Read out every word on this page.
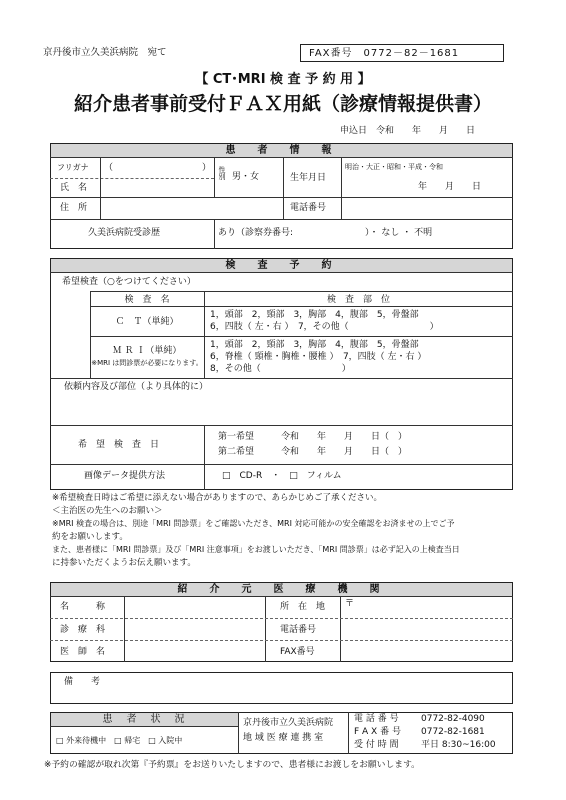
京丹後市立久美浜病院　宛て	FAX番号　0772－82－1681
【 CT･MRI 検 査 予 約 用 】
紹介患者事前受付ＦＡＸ用紙（診療情報提供書）
申込日　令和　　年　　月　　日
患　者　情　報
フリガナ （	）
氏　名
性別 男・女	生年月日
明治・大正・昭和・平成・令和
年　　月　　日
住　所	電話番号
久美浜病院受診歴	あり（診察券番号:　　　　　　　　）・ なし ・ 不明
検　査　予　約
希望検査（○をつけてください）
検　査　名	検　査　部　位
Ｃ　Ｔ（単純）
1，頭部　2，頸部　3，胸部　4，腹部　5，骨盤部
6，四肢（ 左・右 ）　7，その他（　　　　　　　　　）
Ｍ Ｒ Ｉ（単純）
※MRI は問診票が必要になります。
1，頭部　2，頸部　3，胸部　4，腹部　5，骨盤部
6，脊椎（ 頸椎・胸椎・腰椎 ）　7，四肢（ 左・右 ）
8，その他（　　　　　　　　　）
依頼内容及び部位（より具体的に）
希　望　検　査　日
第一希望　　　令和　　年　　月　　日（　）
第二希望　　　令和　　年　　月　　日（　）
画像データ提供方法	□　CD-R　・　□　フィルム
※希望検査日時はご希望に添えない場合がありますので、あらかじめご了承ください。
＜主治医の先生へのお願い＞
※MRI 検査の場合は、別途「MRI 問診票」をご確認いただき、MRI 対応可能かの安全確認をお済ませの上でご予
約をお願いします。
また、患者様に「MRI 問診票」及び「MRI 注意事項」をお渡しいただき、「MRI 問診票」は必ず記入の上検査当日
に持参いただくようお伝え願います。
紹　介　元　医　療　機　関
名　　　称	所　在　地 〒
診　療　科	電話番号
医　師　名	FAX番号
備　　考
患　者　状　況
□ 外来待機中　□ 帰宅　□ 入院中
京丹後市立久美浜病院
地 域 医 療 連 携 室
電 話 番 号 0772-82-4090
F A X 番 号 0772-82-1681
受 付 時 間 平日 8:30~16:00
※予約の確認が取れ次第『予約票』をお送りいたしますので、患者様にお渡しをお願いします。
